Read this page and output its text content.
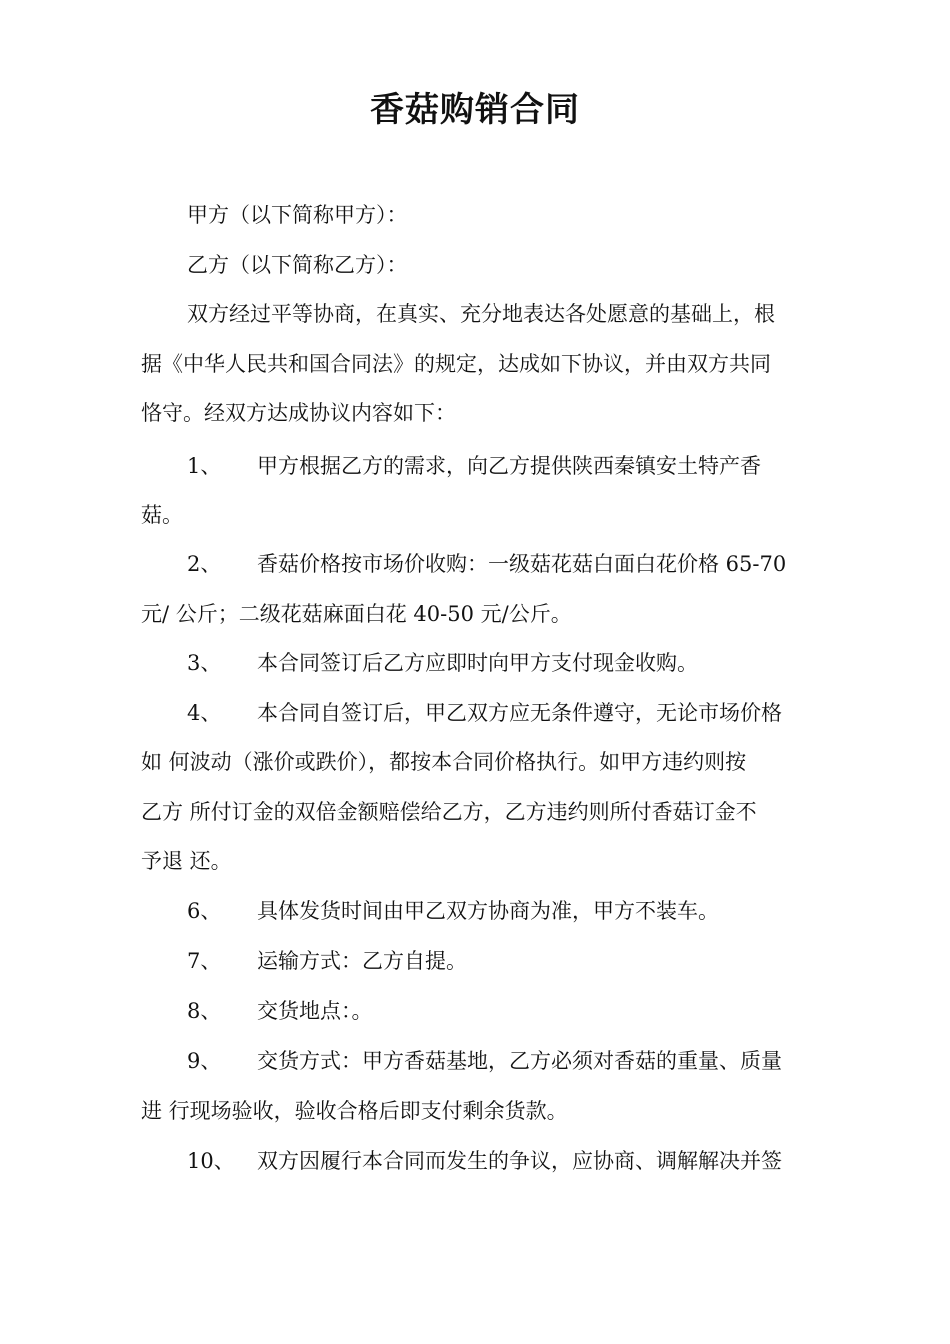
香菇购销合同
甲方（以下简称甲方）：
乙方（以下简称乙方）：
双方经过平等协商，在真实、充分地表达各处愿意的基础上，根
据《中华人民共和国合同法》的规定，达成如下协议，并由双方共同
恪守。经双方达成协议内容如下：
1、 甲方根据乙方的需求，向乙方提供陕西秦镇安土特产香
菇。
2、 香菇价格按市场价收购：一级菇花菇白面白花价格 65-70
元/ 公斤；二级花菇麻面白花 40-50 元/公斤。
3、 本合同签订后乙方应即时向甲方支付现金收购。
4、 本合同自签订后，甲乙双方应无条件遵守，无论市场价格
如 何波动（涨价或跌价），都按本合同价格执行。如甲方违约则按
乙方 所付订金的双倍金额赔偿给乙方，乙方违约则所付香菇订金不
予退 还。
6、 具体发货时间由甲乙双方协商为准，甲方不装车。
7、 运输方式：乙方自提。
8、 交货地点：。
9、 交货方式：甲方香菇基地，乙方必须对香菇的重量、质量
进 行现场验收，验收合格后即支付剩余货款。
10、 双方因履行本合同而发生的争议，应协商、调解解决并签
